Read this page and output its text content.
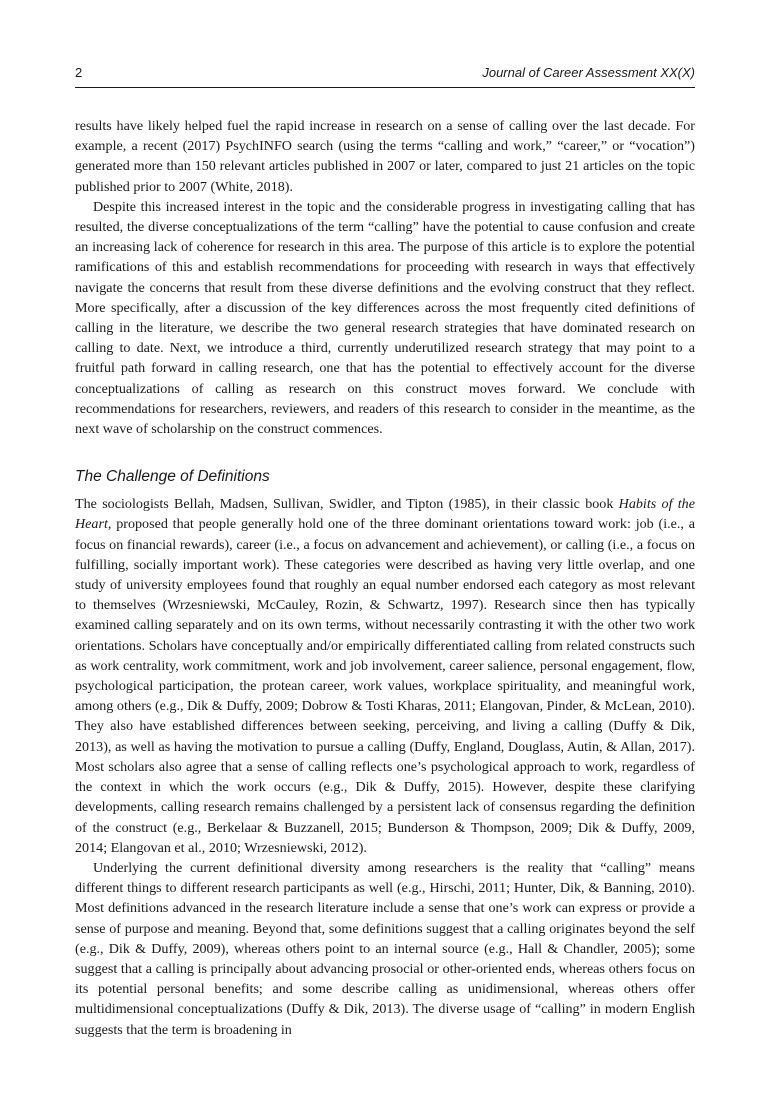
2	Journal of Career Assessment XX(X)

results have likely helped fuel the rapid increase in research on a sense of calling over the last decade. For example, a recent (2017) PsychINFO search (using the terms “calling and work,” “career,” or “vocation”) generated more than 150 relevant articles published in 2007 or later, compared to just 21 articles on the topic published prior to 2007 (White, 2018).

Despite this increased interest in the topic and the considerable progress in investigating calling that has resulted, the diverse conceptualizations of the term “calling” have the potential to cause confusion and create an increasing lack of coherence for research in this area. The purpose of this article is to explore the potential ramifications of this and establish recommendations for proceeding with research in ways that effectively navigate the concerns that result from these diverse definitions and the evolving construct that they reflect. More specifically, after a discussion of the key differences across the most frequently cited definitions of calling in the literature, we describe the two general research strategies that have dominated research on calling to date. Next, we introduce a third, currently underutilized research strategy that may point to a fruitful path forward in calling research, one that has the potential to effectively account for the diverse conceptualizations of calling as research on this construct moves forward. We conclude with recommendations for researchers, reviewers, and readers of this research to consider in the meantime, as the next wave of scholarship on the construct commences.

The Challenge of Definitions

The sociologists Bellah, Madsen, Sullivan, Swidler, and Tipton (1985), in their classic book Habits of the Heart, proposed that people generally hold one of the three dominant orientations toward work: job (i.e., a focus on financial rewards), career (i.e., a focus on advancement and achievement), or calling (i.e., a focus on fulfilling, socially important work). These categories were described as having very little overlap, and one study of university employees found that roughly an equal number endorsed each category as most relevant to themselves (Wrzesniewski, McCauley, Rozin, & Schwartz, 1997). Research since then has typically examined calling separately and on its own terms, without necessarily contrasting it with the other two work orientations. Scholars have conceptually and/or empirically differentiated calling from related constructs such as work centrality, work commitment, work and job involvement, career salience, personal engagement, flow, psychological participation, the protean career, work values, workplace spirituality, and meaningful work, among others (e.g., Dik & Duffy, 2009; Dobrow & Tosti Kharas, 2011; Elangovan, Pinder, & McLean, 2010). They also have established differences between seeking, perceiving, and living a calling (Duffy & Dik, 2013), as well as having the motivation to pursue a calling (Duffy, England, Douglass, Autin, & Allan, 2017). Most scholars also agree that a sense of calling reflects one’s psychological approach to work, regardless of the context in which the work occurs (e.g., Dik & Duffy, 2015). However, despite these clarifying developments, calling research remains challenged by a persistent lack of consensus regarding the definition of the construct (e.g., Berkelaar & Buzzanell, 2015; Bunderson & Thompson, 2009; Dik & Duffy, 2009, 2014; Elangovan et al., 2010; Wrzesniewski, 2012).

Underlying the current definitional diversity among researchers is the reality that “calling” means different things to different research participants as well (e.g., Hirschi, 2011; Hunter, Dik, & Banning, 2010). Most definitions advanced in the research literature include a sense that one’s work can express or provide a sense of purpose and meaning. Beyond that, some definitions suggest that a calling originates beyond the self (e.g., Dik & Duffy, 2009), whereas others point to an internal source (e.g., Hall & Chandler, 2005); some suggest that a calling is principally about advancing prosocial or other-oriented ends, whereas others focus on its potential personal benefits; and some describe calling as unidimensional, whereas others offer multidimensional conceptualizations (Duffy & Dik, 2013). The diverse usage of “calling” in modern English suggests that the term is broadening in
